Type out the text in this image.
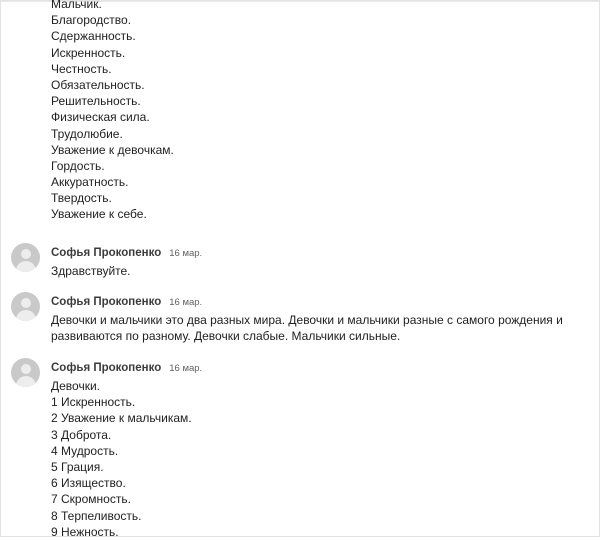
Мальчик.
Благородство.
Сдержанность.
Искренность.
Честность.
Обязательность.
Решительность.
Физическая сила.
Трудолюбие.
Уважение к девочкам.
Гордость.
Аккуратность.
Твердость.
Уважение к себе.
Софья Прокопенко 16 мар.
Здравствуйте.
Софья Прокопенко 16 мар.
Девочки и мальчики это два разных мира. Девочки и мальчики разные с самого рождения и
развиваются по разному. Девочки слабые. Мальчики сильные.
Софья Прокопенко 16 мар.
Девочки.
1 Искренность.
2 Уважение к мальчикам.
3 Доброта.
4 Мудрость.
5 Грация.
6 Изящество.
7 Скромность.
8 Терпеливость.
9 Нежность.
